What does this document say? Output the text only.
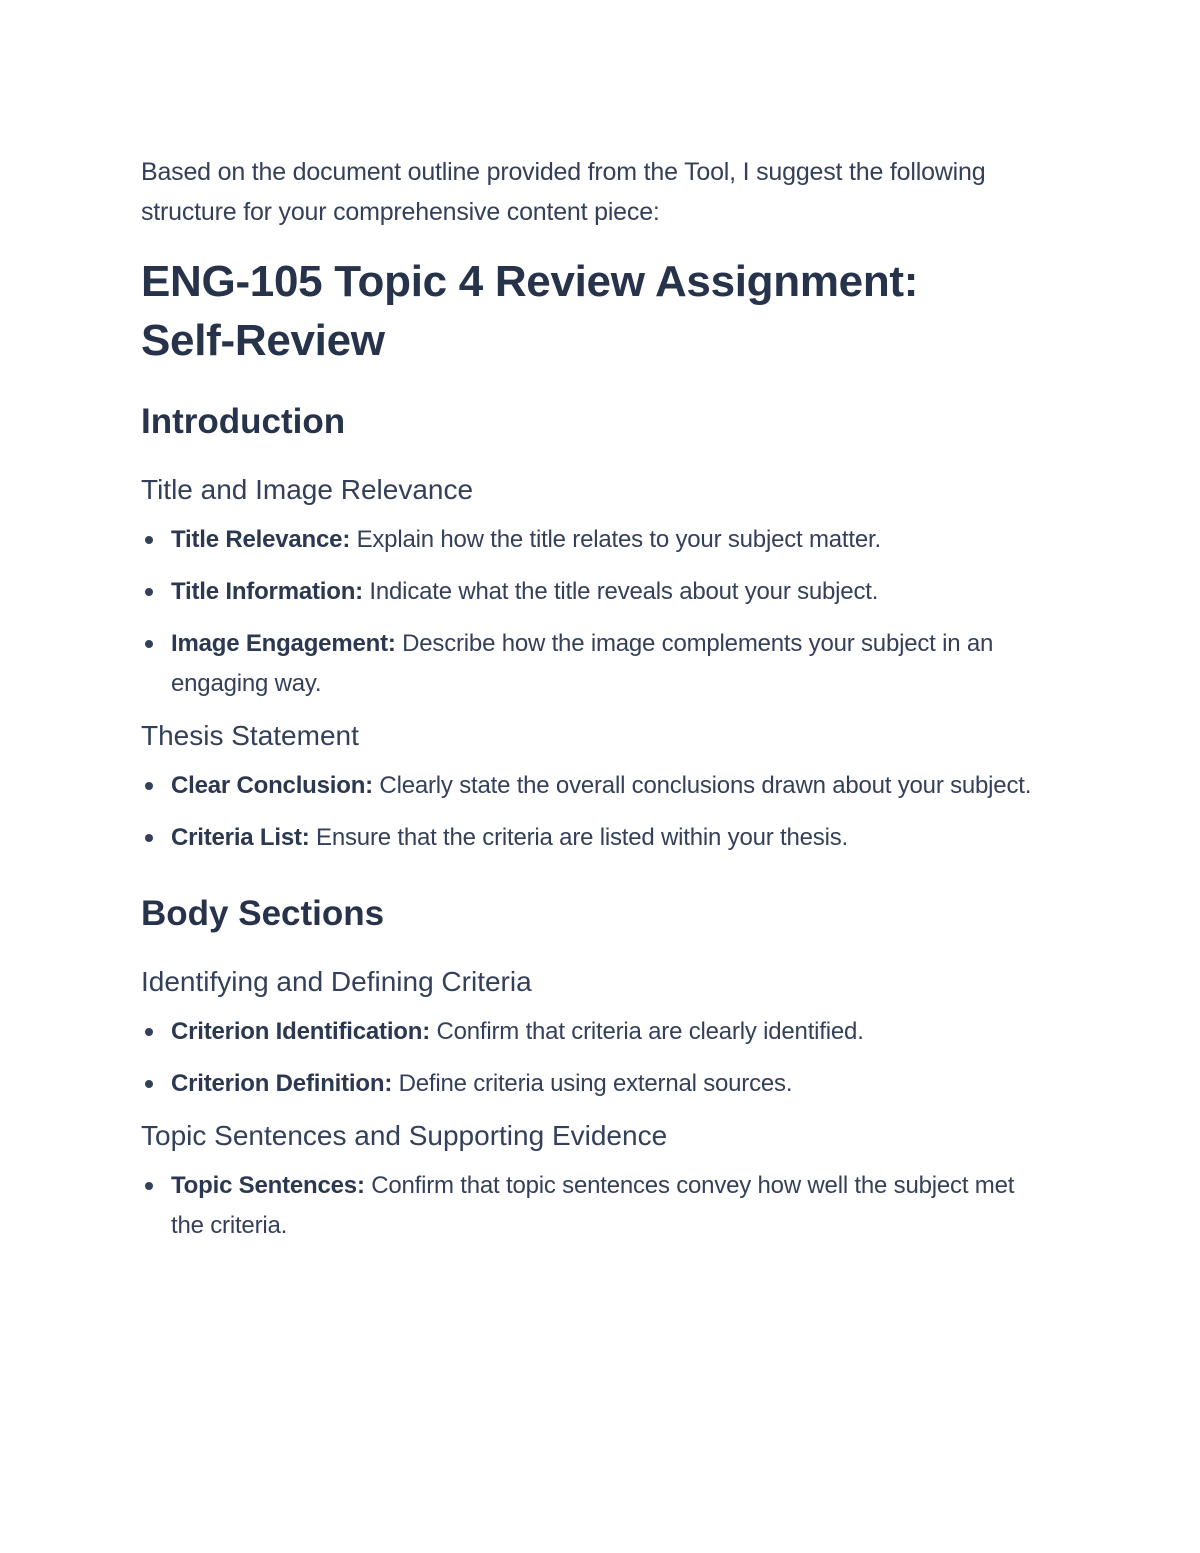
Based on the document outline provided from the Tool, I suggest the following structure for your comprehensive content piece:

ENG-105 Topic 4 Review Assignment:
Self-Review
Introduction
Title and Image Relevance
Title Relevance: Explain how the title relates to your subject matter.
Title Information: Indicate what the title reveals about your subject.
Image Engagement: Describe how the image complements your subject in an engaging way.
Thesis Statement
Clear Conclusion: Clearly state the overall conclusions drawn about your subject.
Criteria List: Ensure that the criteria are listed within your thesis.
Body Sections
Identifying and Defining Criteria
Criterion Identification: Confirm that criteria are clearly identified.
Criterion Definition: Define criteria using external sources.
Topic Sentences and Supporting Evidence
Topic Sentences: Confirm that topic sentences convey how well the subject met the criteria.
